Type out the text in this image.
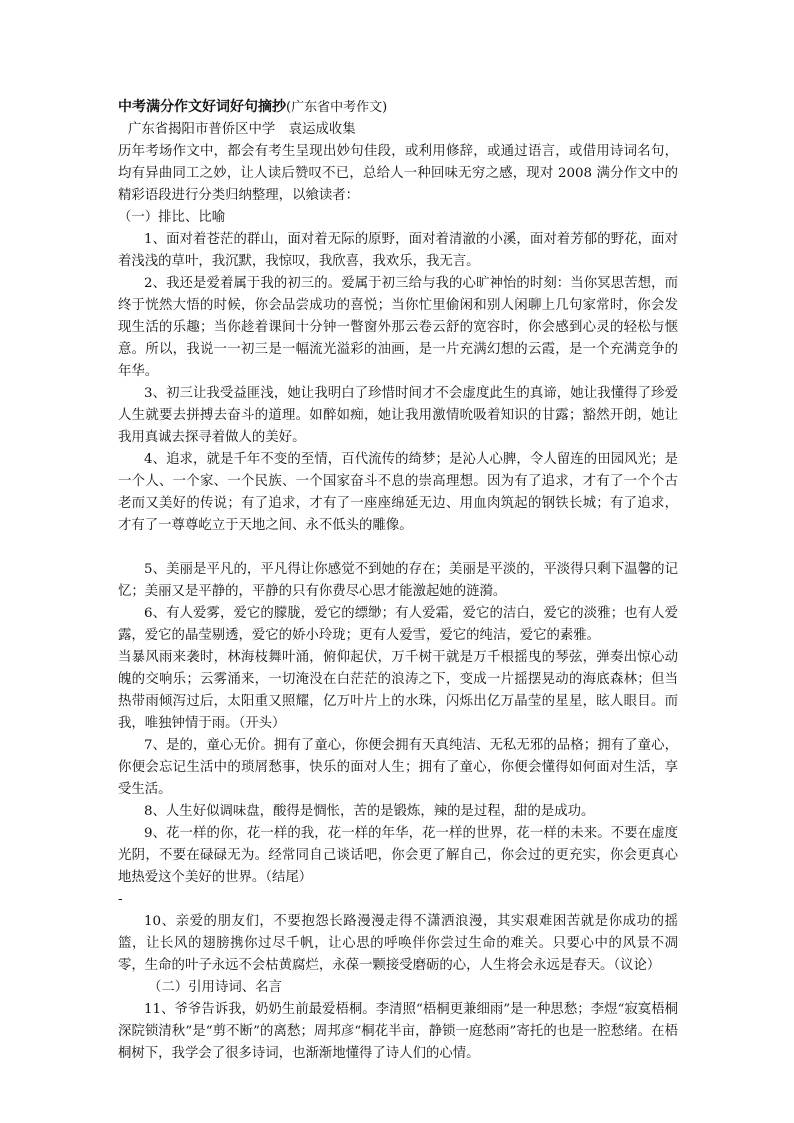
中考满分作文好词好句摘抄(广东省中考作文)

广东省揭阳市普侨区中学　袁运成收集

历年考场作文中，都会有考生呈现出妙句佳段，或利用修辞，或通过语言，或借用诗词名句，均有异曲同工之妙，让人读后赞叹不已，总给人一种回味无穷之感，现对 2008 满分作文中的精彩语段进行分类归纳整理，以飨读者：

（一）排比、比喻

1、面对着苍茫的群山，面对着无际的原野，面对着清澈的小溪，面对着芳郁的野花，面对着浅浅的草叶，我沉默，我惊叹，我欣喜，我欢乐，我无言。

2、我还是爱着属于我的初三的。爱属于初三给与我的心旷神怡的时刻：当你冥思苦想，而终于恍然大悟的时候，你会品尝成功的喜悦；当你忙里偷闲和别人闲聊上几句家常时，你会发现生活的乐趣；当你趁着课间十分钟一瞥窗外那云卷云舒的宽容时，你会感到心灵的轻松与惬意。所以，我说一一初三是一幅流光溢彩的油画，是一片充满幻想的云霞，是一个充满竞争的年华。

3、初三让我受益匪浅，她让我明白了珍惜时间才不会虚度此生的真谛，她让我懂得了珍爱人生就要去拼搏去奋斗的道理。如醉如痴，她让我用激情吮吸着知识的甘露；豁然开朗，她让我用真诚去探寻着做人的美好。

4、追求，就是千年不变的至情，百代流传的绮梦；是沁人心脾，令人留连的田园风光；是一个人、一个家、一个民族、一个国家奋斗不息的崇高理想。因为有了追求，才有了一个个古老而又美好的传说；有了追求，才有了一座座绵延无边、用血肉筑起的钢铁长城；有了追求，才有了一尊尊屹立于天地之间、永不低头的雕像。

5、美丽是平凡的，平凡得让你感觉不到她的存在；美丽是平淡的，平淡得只剩下温馨的记忆；美丽又是平静的，平静的只有你费尽心思才能激起她的涟漪。

6、有人爱雾，爱它的朦胧，爱它的缥缈；有人爱霜，爱它的洁白，爱它的淡雅；也有人爱露，爱它的晶莹剔透，爱它的娇小玲珑；更有人爱雪，爱它的纯洁，爱它的素雅。

当暴风雨来袭时，林海枝舞叶涌，俯仰起伏，万千树干就是万千根摇曳的琴弦，弹奏出惊心动魄的交响乐；云雾涌来，一切淹没在白茫茫的浪涛之下，变成一片摇摆晃动的海底森林；但当热带雨倾泻过后，太阳重又照耀，亿万叶片上的水珠，闪烁出亿万晶莹的星星，眩人眼目。而我，唯独钟情于雨。（开头）

7、是的，童心无价。拥有了童心，你便会拥有天真纯洁、无私无邪的品格；拥有了童心，你便会忘记生活中的琐屑愁事，快乐的面对人生；拥有了童心，你便会懂得如何面对生活，享受生活。

8、人生好似调味盘，酸得是惆怅，苦的是锻炼，辣的是过程，甜的是成功。

9、花一样的你，花一样的我，花一样的年华，花一样的世界，花一样的未来。不要在虚度光阴，不要在碌碌无为。经常同自己谈话吧，你会更了解自己，你会过的更充实，你会更真心地热爱这个美好的世界。（结尾）

-

10、亲爱的朋友们，不要抱怨长路漫漫走得不潇洒浪漫，其实艰难困苦就是你成功的摇篮，让长风的翅膀携你过尽千帆，让心思的呼唤伴你尝过生命的难关。只要心中的风景不凋零，生命的叶子永远不会枯黄腐烂，永葆一颗接受磨砺的心，人生将会永远是春天。（议论）

（二）引用诗词、名言

11、爷爷告诉我，奶奶生前最爱梧桐。李清照“梧桐更兼细雨”是一种思愁；李煜“寂寞梧桐深院锁清秋”是“剪不断”的离愁；周邦彦“桐花半亩，静锁一庭愁雨”寄托的也是一腔愁绪。在梧桐树下，我学会了很多诗词，也渐渐地懂得了诗人们的心情。
